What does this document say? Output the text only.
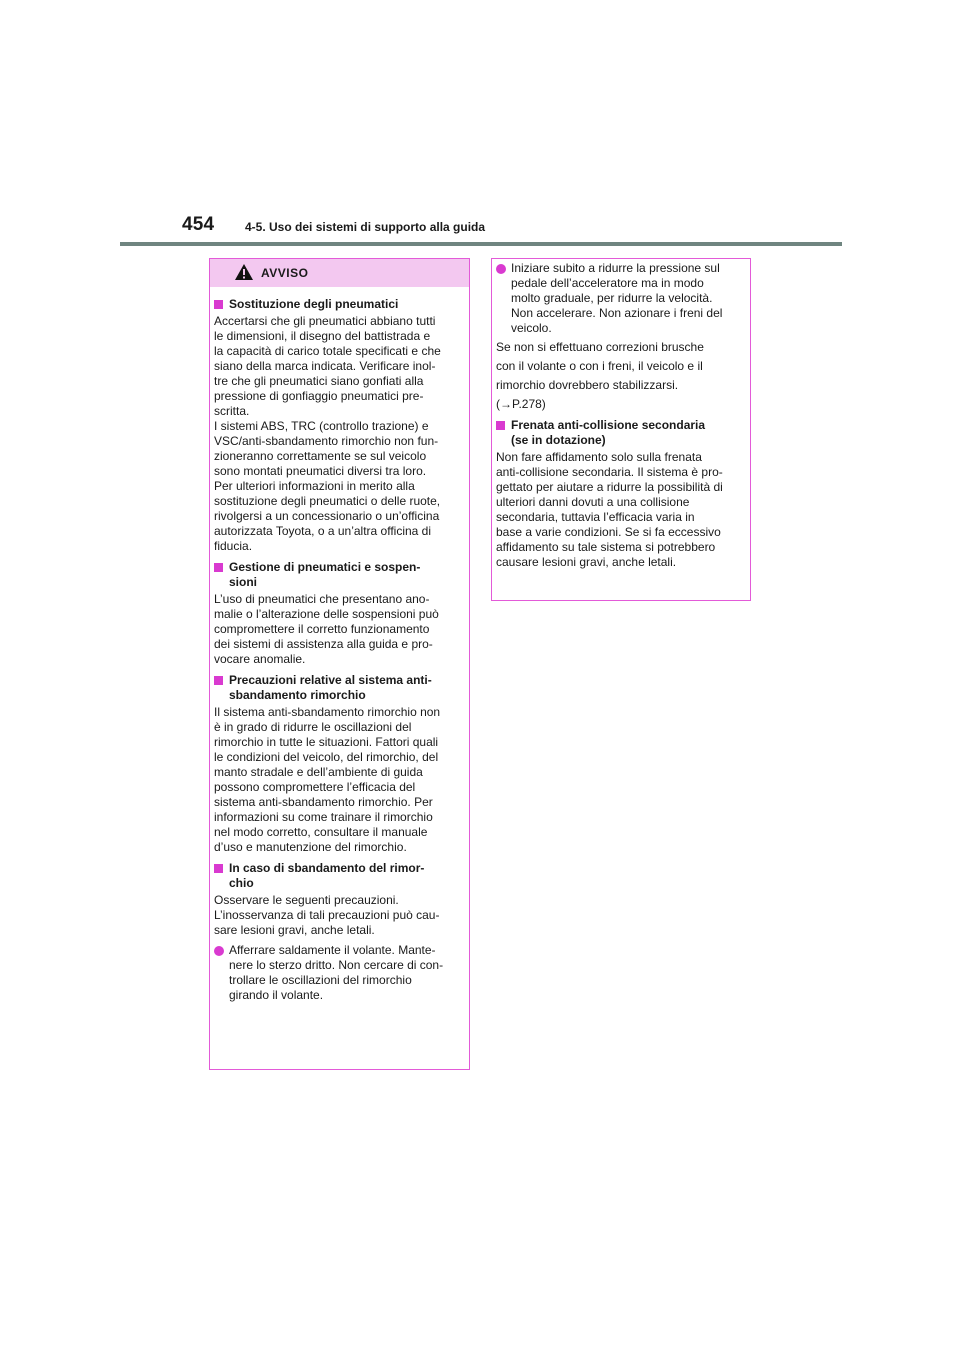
454	4-5. Uso dei sistemi di supporto alla guida
AVVISO
Sostituzione degli pneumatici
Accertarsi che gli pneumatici abbiano tutti
le dimensioni, il disegno del battistrada e
la capacità di carico totale specificati e che
siano della marca indicata. Verificare inol-
tre che gli pneumatici siano gonfiati alla
pressione di gonfiaggio pneumatici pre-
scritta.
I sistemi ABS, TRC (controllo trazione) e
VSC/anti-sbandamento rimorchio non fun-
zioneranno correttamente se sul veicolo
sono montati pneumatici diversi tra loro.
Per ulteriori informazioni in merito alla
sostituzione degli pneumatici o delle ruote,
rivolgersi a un concessionario o un’officina
autorizzata Toyota, o a un’altra officina di
fiducia.
Gestione di pneumatici e sospen-
sioni
L’uso di pneumatici che presentano ano-
malie o l’alterazione delle sospensioni può
compromettere il corretto funzionamento
dei sistemi di assistenza alla guida e pro-
vocare anomalie.
Precauzioni relative al sistema anti-
sbandamento rimorchio
Il sistema anti-sbandamento rimorchio non
è in grado di ridurre le oscillazioni del
rimorchio in tutte le situazioni. Fattori quali
le condizioni del veicolo, del rimorchio, del
manto stradale e dell’ambiente di guida
possono compromettere l’efficacia del
sistema anti-sbandamento rimorchio. Per
informazioni su come trainare il rimorchio
nel modo corretto, consultare il manuale
d’uso e manutenzione del rimorchio.
In caso di sbandamento del rimor-
chio
Osservare le seguenti precauzioni.
L’inosservanza di tali precauzioni può cau-
sare lesioni gravi, anche letali.
Afferrare saldamente il volante. Mante-
nere lo sterzo dritto. Non cercare di con-
trollare le oscillazioni del rimorchio
girando il volante.
Iniziare subito a ridurre la pressione sul
pedale dell’acceleratore ma in modo
molto graduale, per ridurre la velocità.
Non accelerare. Non azionare i freni del
veicolo.
Se non si effettuano correzioni brusche
con il volante o con i freni, il veicolo e il
rimorchio dovrebbero stabilizzarsi.
(→P.278)
Frenata anti-collisione secondaria
(se in dotazione)
Non fare affidamento solo sulla frenata
anti-collisione secondaria. Il sistema è pro-
gettato per aiutare a ridurre la possibilità di
ulteriori danni dovuti a una collisione
secondaria, tuttavia l’efficacia varia in
base a varie condizioni. Se si fa eccessivo
affidamento su tale sistema si potrebbero
causare lesioni gravi, anche letali.
